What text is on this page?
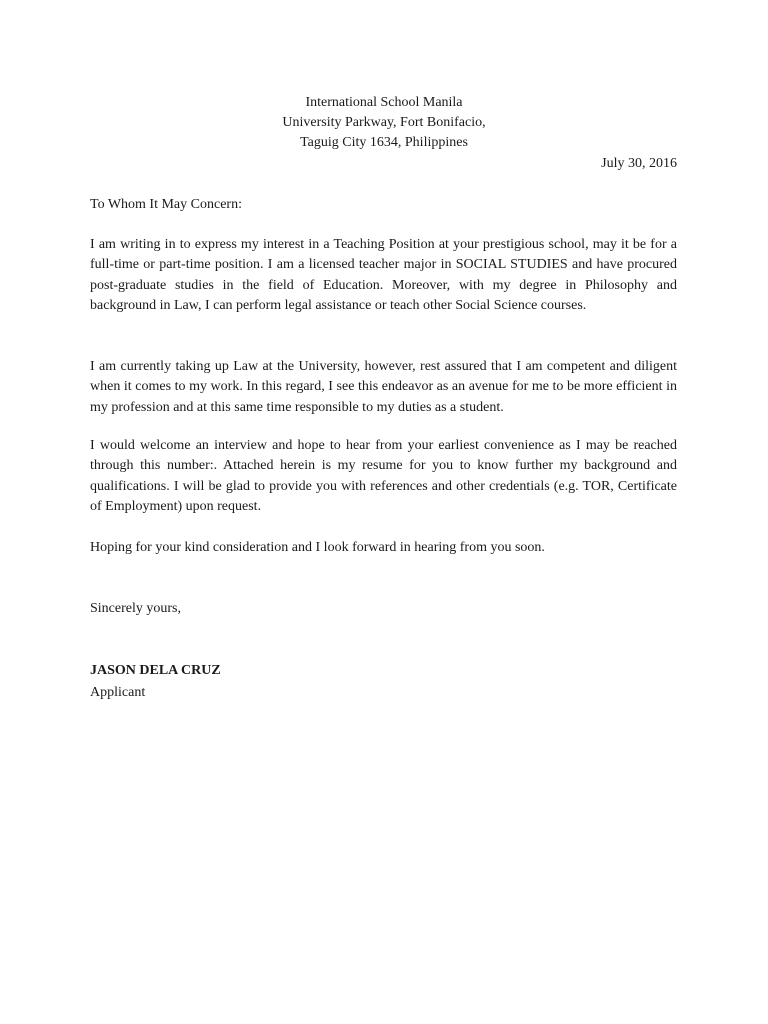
International School Manila
University Parkway, Fort Bonifacio,
Taguig City 1634, Philippines
July 30, 2016
To Whom It May Concern:

I am writing in to express my interest in a Teaching Position at your prestigious school, may it be for a full-time or part-time position. I am a licensed teacher major in SOCIAL STUDIES and have procured post-graduate studies in the field of Education. Moreover, with my degree in Philosophy and background in Law, I can perform legal assistance or teach other Social Science courses.

I am currently taking up Law at the University, however, rest assured that I am competent and diligent when it comes to my work. In this regard, I see this endeavor as an avenue for me to be more efficient in my profession and at this same time responsible to my duties as a student.

I would welcome an interview and hope to hear from your earliest convenience as I may be reached through this number:. Attached herein is my resume for you to know further my background and qualifications. I will be glad to provide you with references and other credentials (e.g. TOR, Certificate of Employment) upon request.

Hoping for your kind consideration and I look forward in hearing from you soon.

Sincerely yours,
JASON DELA CRUZ
Applicant
